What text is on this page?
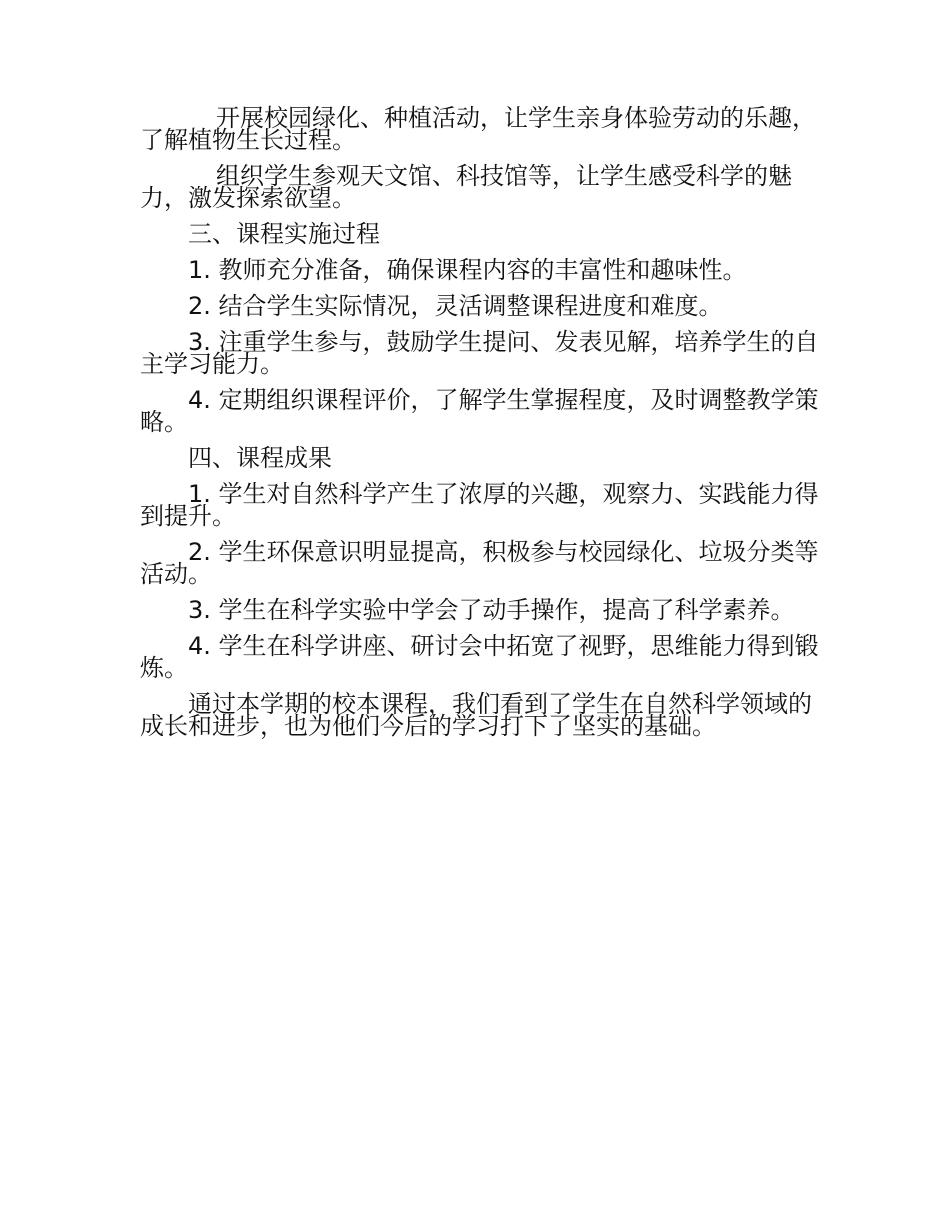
开展校园绿化、种植活动，让学生亲身体验劳动的乐趣，了解植物生长过程。

组织学生参观天文馆、科技馆等，让学生感受科学的魅力，激发探索欲望。

三、课程实施过程

1. 教师充分准备，确保课程内容的丰富性和趣味性。

2. 结合学生实际情况，灵活调整课程进度和难度。

3. 注重学生参与，鼓励学生提问、发表见解，培养学生的自主学习能力。

4. 定期组织课程评价，了解学生掌握程度，及时调整教学策略。

四、课程成果

1. 学生对自然科学产生了浓厚的兴趣，观察力、实践能力得到提升。

2. 学生环保意识明显提高，积极参与校园绿化、垃圾分类等活动。

3. 学生在科学实验中学会了动手操作，提高了科学素养。

4. 学生在科学讲座、研讨会中拓宽了视野，思维能力得到锻炼。

通过本学期的校本课程，我们看到了学生在自然科学领域的成长和进步，也为他们今后的学习打下了坚实的基础。
